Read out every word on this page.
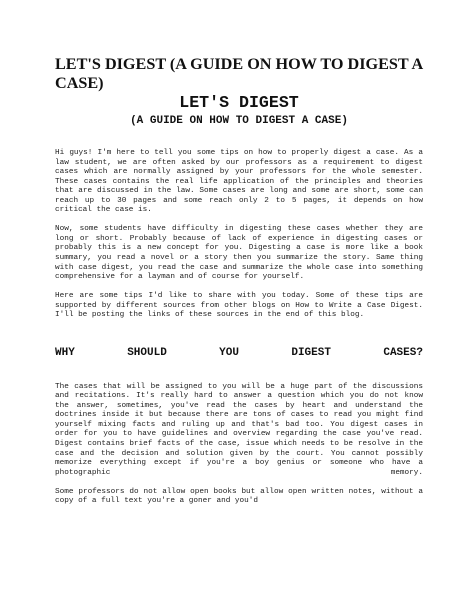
LET'S DIGEST (A GUIDE ON HOW TO DIGEST A CASE)
LET'S DIGEST
(A GUIDE ON HOW TO DIGEST A CASE)

Hi guys! I'm here to tell you some tips on how to properly digest a case. As a law student, we are often asked by our professors as a requirement to digest cases which are normally assigned by your professors for the whole semester. These cases contains the real life application of the principles and theories that are discussed in the law. Some cases are long and some are short, some can reach up to 30 pages and some reach only 2 to 5 pages, it depends on how critical the case is.

Now, some students have difficulty in digesting these cases whether they are long or short. Probably because of lack of experience in digesting cases or probably this is a new concept for you. Digesting a case is more like a book summary, you read a novel or a story then you summarize the story. Same thing with case digest, you read the case and summarize the whole case into something comprehensive for a layman and of course for yourself.

Here are some tips I'd like to share with you today. Some of these tips are supported by different sources from other blogs on How to Write a Case Digest. I'll be posting the links of these sources in the end of this blog.

WHY	SHOULD	YOU	DIGEST	CASES?

The cases that will be assigned to you will be a huge part of the discussions and recitations. It's really hard to answer a question which you do not know the answer, sometimes, you've read the cases by heart and understand the doctrines inside it but because there are tons of cases to read you might find yourself mixing facts and ruling up and that's bad too. You digest cases in order for you to have guidelines and overview regarding the case you've read. Digest contains brief facts of the case, issue which needs to be resolve in the case and the decision and solution given by the court. You cannot possibly memorize everything except if you're a boy genius or someone who have a photographic memory.

Some professors do not allow open books but allow open written notes, without a copy of a full text you're a goner and you'd
